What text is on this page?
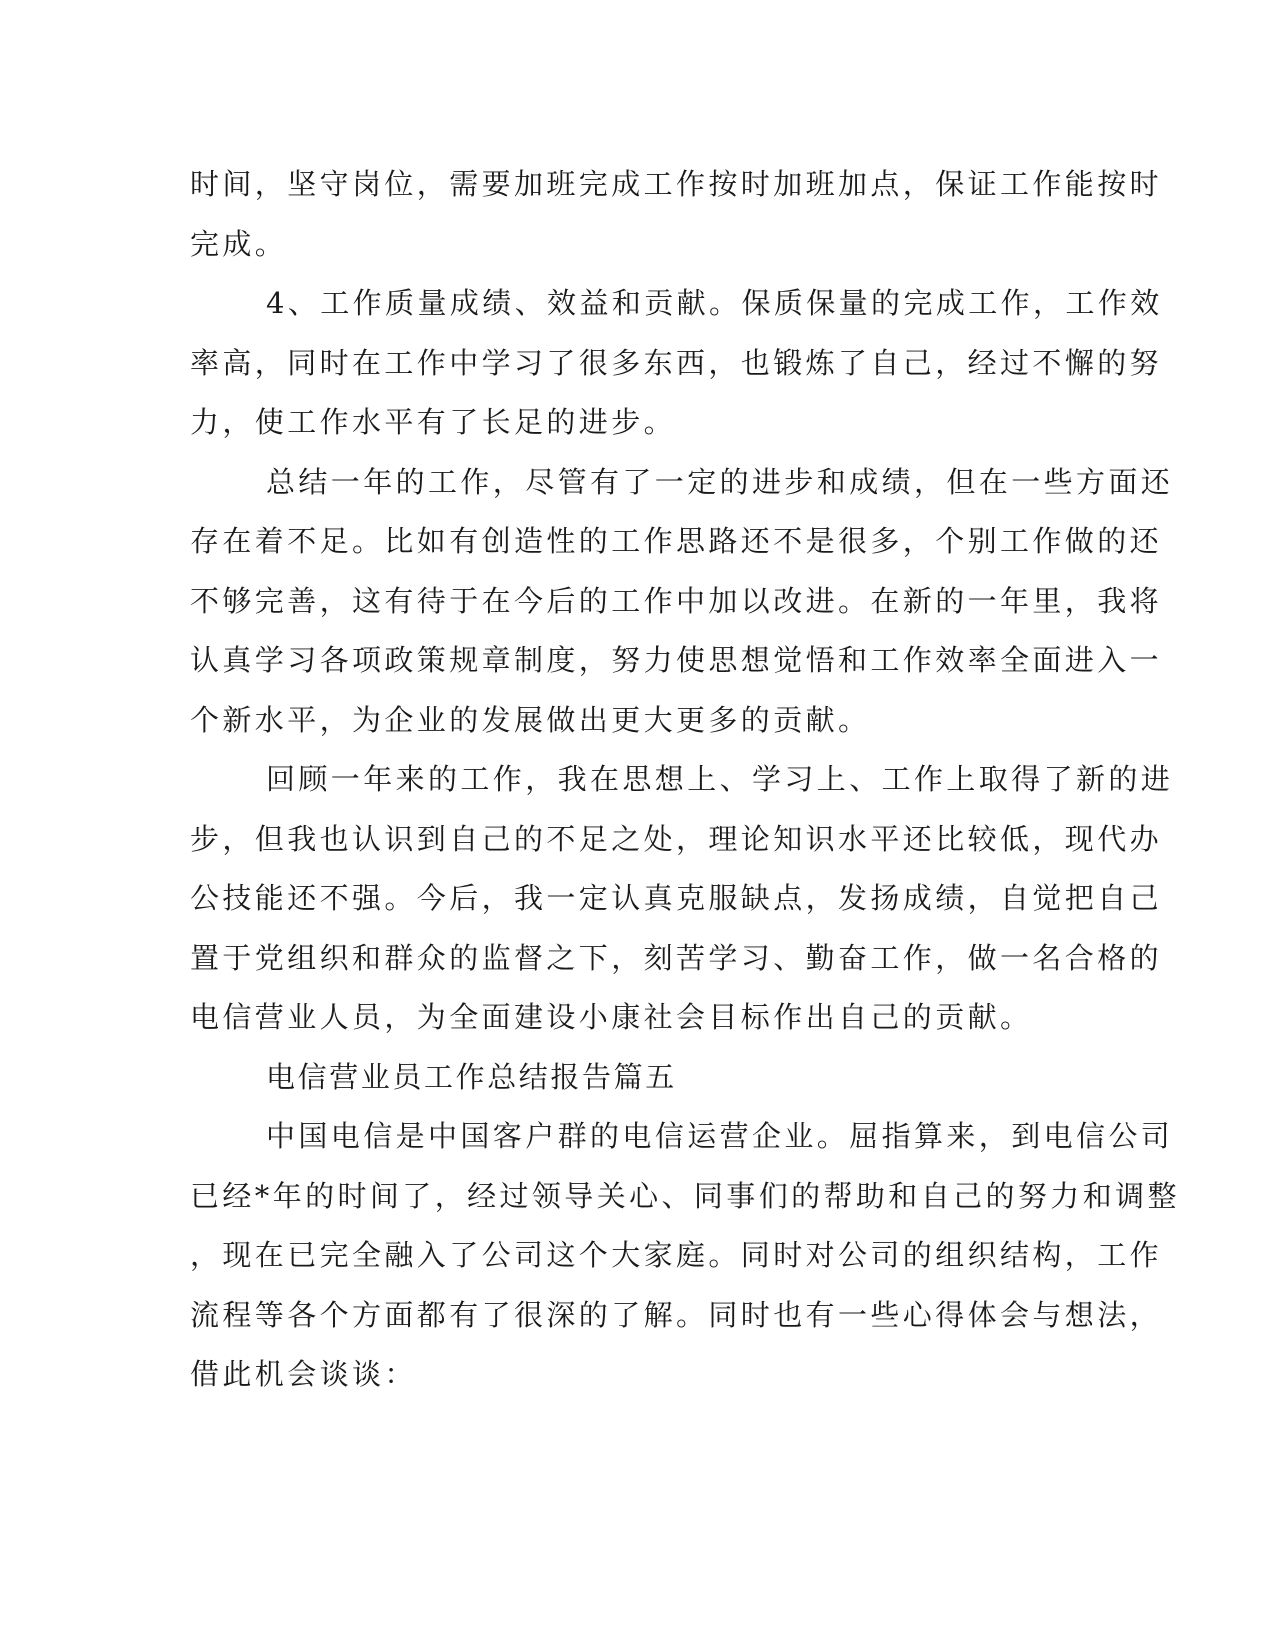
时间，坚守岗位，需要加班完成工作按时加班加点，保证工作能按时
完成。

4、工作质量成绩、效益和贡献。保质保量的完成工作，工作效
率高，同时在工作中学习了很多东西，也锻炼了自己，经过不懈的努
力，使工作水平有了长足的进步。

总结一年的工作，尽管有了一定的进步和成绩，但在一些方面还
存在着不足。比如有创造性的工作思路还不是很多，个别工作做的还
不够完善，这有待于在今后的工作中加以改进。在新的一年里，我将
认真学习各项政策规章制度，努力使思想觉悟和工作效率全面进入一
个新水平，为企业的发展做出更大更多的贡献。

回顾一年来的工作，我在思想上、学习上、工作上取得了新的进
步，但我也认识到自己的不足之处，理论知识水平还比较低，现代办
公技能还不强。今后，我一定认真克服缺点，发扬成绩，自觉把自己
置于党组织和群众的监督之下，刻苦学习、勤奋工作，做一名合格的
电信营业人员，为全面建设小康社会目标作出自己的贡献。

电信营业员工作总结报告篇五

中国电信是中国客户群的电信运营企业。屈指算来，到电信公司
已经*年的时间了，经过领导关心、同事们的帮助和自己的努力和调整
，现在已完全融入了公司这个大家庭。同时对公司的组织结构，工作
流程等各个方面都有了很深的了解。同时也有一些心得体会与想法，
借此机会谈谈：
